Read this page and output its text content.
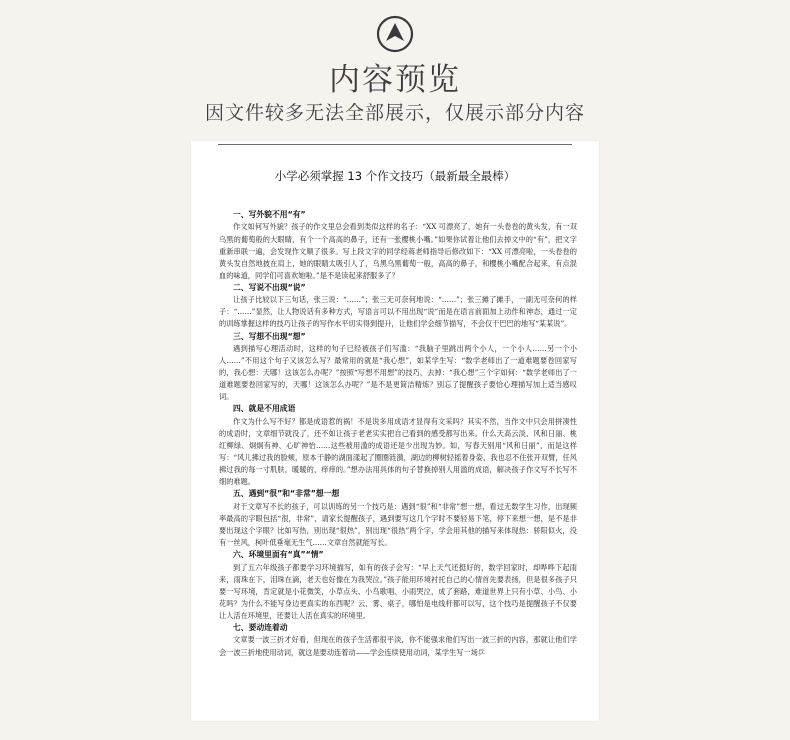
内容预览
因文件较多无法全部展示，仅展示部分内容
小学必须掌握 13 个作文技巧（最新最全最棒）
一、写外貌不用“有”

作文如何写外貌？孩子的作文里总会看到类似这样的名子：“XX 可漂亮了，她有一头卷卷的黄头发，有一双乌黑的葡萄般的大眼睛，有个一个高高的鼻子，还有一张樱桃小嘴。”如果你试着让他们去掉文中的“有”，把文字重新串联一遍，会发现作文顺了很多。写上段文字的同学经蒋老师指导后修改如下：“XX 可漂亮啦，一头卷卷的黄头发自然地披在肩上，她的眼睛太吸引人了，乌黑乌黑葡萄一般，高高的鼻子，和樱桃小嘴配合起来，有点混血的味道，同学们可喜欢她啦。”是不是读起来舒服多了？

二、写说不出现“说”

让孩子比较以下三句话，张三说：“……”；张三无可奈何地说：“……”；张三摊了摊手，一副无可奈何的样子：“……”显然，让人物说话有多种方式，写语言可以不用出现“说”而是在语言前面加上动作和神态，通过一定的训练掌握这样的技巧让孩子的写作水平切实得到提升，让他们学会细节描写，不会仅干巴巴的地写“某某说”。

三、写想不出现“想”

遇到描写心理活动时，这样的句子已经被孩子们写滥：“我脑子里跳出两个小人，一个小人……另一个小人……”不用这个句子又该怎么写？最常用的就是“我心想”，如某学生写：“数学老师出了一道难题要卷回家写的，我心想：天哪！这该怎么办呢？”按照“写想不用想”的技巧，去掉：“我心想”三个字如何：“数学老师出了一道难题要卷回家写的，天哪！这该怎么办呢？”是不是更简洁精炼？别忘了提醒孩子要恰心理描写加上适当感叹词。

四、就是不用成语

作文为什么写不好？都是成语惹的祸！不是说多用成语才显得有文采吗？其实不然，当作文中只会用拼凑性的成语时，文章细节就没了，还不如让孩子老老实实把自己看到的感受都写出来。什么天高云淡、风和日丽、桃红柳绿、炯炯有神、心旷神怡……这些被用滥的成语还是少出现为妙。如，写春天别用“风和日丽”，而是这样写：“风儿拂过我的脸颊，原本干静的湖面漾起了圈圈涟漪，湖边的柳树轻摇着身姿，我也忍不住张开双臂，任风拂过我的每一寸肌肤，暖暖的，痒痒的。”想办法用具体的句子替换掉别人用滥的成语，解决孩子作文写不长写不细的难题。

五、遇到“很”和“非常”想一想

对于文章写不长的孩子，可以训练的另一个技巧是：遇到“很”和“非常”想一想，看过无数学生习作，出现频率最高的字眼包括“很，非常”，请家长提醒孩子，遇到要写这几个字时不要轻易下笔，停下来想一想，是不是非要出现这个字眼？比如写热，别出现“很热”，别出现“很热”两个字，学会用其他的描写来体现热：骄阳似火，没有一丝风，柯叶低垂毫无生气……文章自然就能写长。

六、环境里面有“真”“情”

到了五六年级孩子都要学习环境描写，如有的孩子会写：“早上天气还挺好的，数学回家时，却哗哗下起雨来，雨珠在下，泪珠在滴，老天也好像在为我哭泣。”孩子能用环境衬托自己的心情首先要表扬，但是很多孩子只要一写环境，肯定就是小花微笑，小草点头、小鸟歌唱、小雨哭泣，成了套路，难道世界上只有小草、小鸟、小花吗？为什么不能写身边更真实的东西呢？云、雾、桌子，哪怕是电线杆都可以写，这个技巧是提醒孩子不仅要让人活在环境里，还要让人活在真实的环境里。

七、要动连着动

文章要一波三折才好看，但现在的孩子生活都很平淡，你不能强求他们写出一波三折的内容，那就让他们学会一波三折地使用动词，就这是要动连着动——学会连续使用动词，某学生写一场乒
